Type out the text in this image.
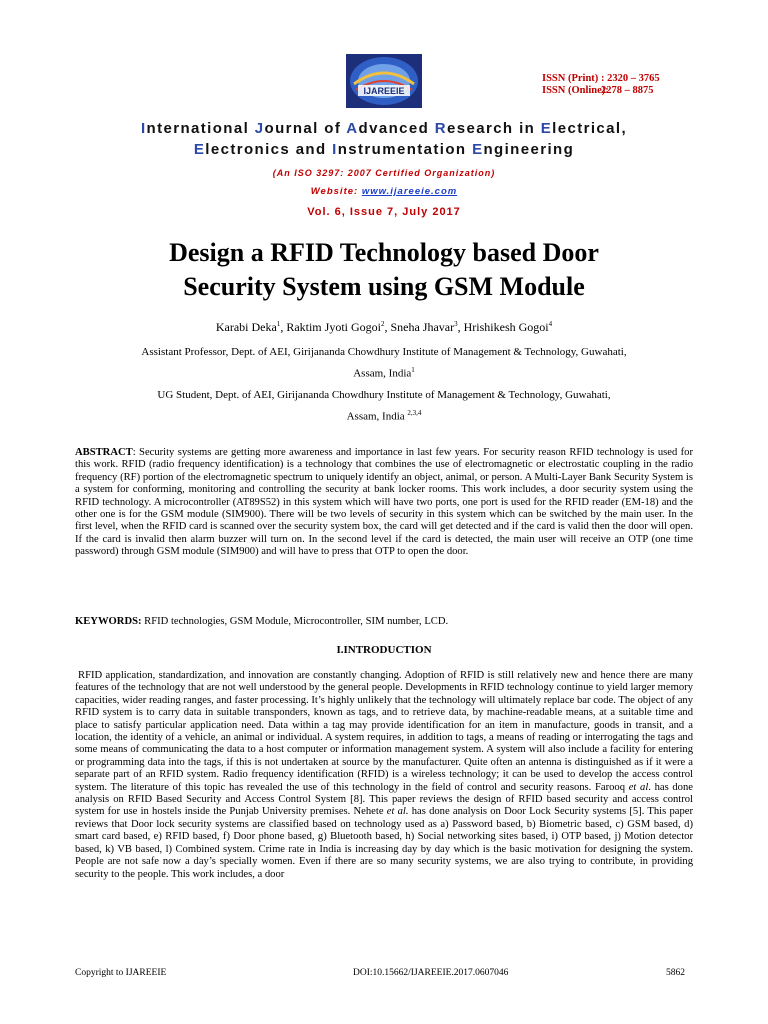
IJAREEIE
ISSN (Print) : 2320 – 3765
ISSN (Online):2278 – 8875
International Journal of Advanced Research in Electrical,
Electronics and Instrumentation Engineering
(An ISO 3297: 2007 Certified Organization)
Website: www.ijareeie.com
Vol. 6, Issue 7, July 2017
Design a RFID Technology based Door
Security System using GSM Module
Karabi Deka$^1$, Raktim Jyoti Gogoi$^2$, Sneha Jhavar$^3$, Hrishikesh Gogoi$^4$
Assistant Professor, Dept. of AEI, Girijananda Chowdhury Institute of Management & Technology, Guwahati,
Assam, India$^1$
UG Student, Dept. of AEI, Girijananda Chowdhury Institute of Management & Technology, Guwahati,
Assam, India $^{2,3,4}$
ABSTRACT: Security systems are getting more awareness and importance in last few years. For security reason RFID technology is used for this work. RFID (radio frequency identification) is a technology that combines the use of electromagnetic or electrostatic coupling in the radio frequency (RF) portion of the electromagnetic spectrum to uniquely identify an object, animal, or person. A Multi-Layer Bank Security System is a system for conforming, monitoring and controlling the security at bank locker rooms. This work includes, a door security system using the RFID technology. A microcontroller (AT89S52) in this system which will have two ports, one port is used for the RFID reader (EM-18) and the other one is for the GSM module (SIM900). There will be two levels of security in this system which can be switched by the main user. In the first level, when the RFID card is scanned over the security system box, the card will get detected and if the card is valid then the door will open. If the card is invalid then alarm buzzer will turn on. In the second level if the card is detected, the main user will receive an OTP (one time password) through GSM module (SIM900) and will have to press that OTP to open the door.
KEYWORDS: RFID technologies, GSM Module, Microcontroller, SIM number, LCD.
I.INTRODUCTION
RFID application, standardization, and innovation are constantly changing. Adoption of RFID is still relatively new and hence there are many features of the technology that are not well understood by the general people. Developments in RFID technology continue to yield larger memory capacities, wider reading ranges, and faster processing. It’s highly unlikely that the technology will ultimately replace bar code. The object of any RFID system is to carry data in suitable transponders, known as tags, and to retrieve data, by machine-readable means, at a suitable time and place to satisfy particular application need. Data within a tag may provide identification for an item in manufacture, goods in transit, and a location, the identity of a vehicle, an animal or individual. A system requires, in addition to tags, a means of reading or interrogating the tags and some means of communicating the data to a host computer or information management system. A system will also include a facility for entering or programming data into the tags, if this is not undertaken at source by the manufacturer. Quite often an antenna is distinguished as if it were a separate part of an RFID system. Radio frequency identification (RFID) is a wireless technology; it can be used to develop the access control system. The literature of this topic has revealed the use of this technology in the field of control and security reasons. Farooq et al. has done analysis on RFID Based Security and Access Control System [8]. This paper reviews the design of RFID based security and access control system for use in hostels inside the Punjab University premises. Nehete et al. has done analysis on Door Lock Security systems [5]. This paper reviews that Door lock security systems are classified based on technology used as a) Password based, b) Biometric based, c) GSM based, d) smart card based, e) RFID based, f) Door phone based, g) Bluetooth based, h) Social networking sites based, i) OTP based, j) Motion detector based, k) VB based, l) Combined system. Crime rate in India is increasing day by day which is the basic motivation for designing the system. People are not safe now a day’s specially women. Even if there are so many security systems, we are also trying to contribute, in providing security to the people. This work includes, a door
Copyright to IJAREEIE	DOI:10.15662/IJAREEIE.2017.0607046	5862
